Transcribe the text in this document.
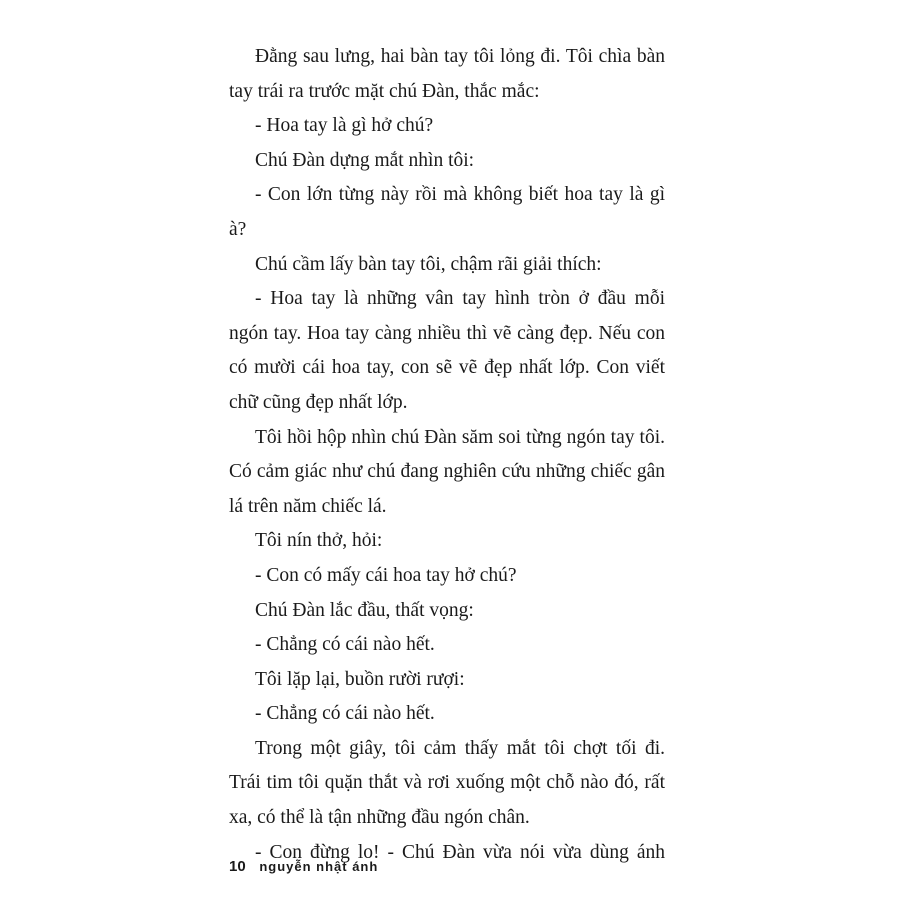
Đằng sau lưng, hai bàn tay tôi lỏng đi. Tôi chìa bàn tay trái ra trước mặt chú Đàn, thắc mắc:

- Hoa tay là gì hở chú?

Chú Đàn dựng mắt nhìn tôi:

- Con lớn từng này rồi mà không biết hoa tay là gì à?

Chú cầm lấy bàn tay tôi, chậm rãi giải thích:

- Hoa tay là những vân tay hình tròn ở đầu mỗi ngón tay. Hoa tay càng nhiều thì vẽ càng đẹp. Nếu con có mười cái hoa tay, con sẽ vẽ đẹp nhất lớp. Con viết chữ cũng đẹp nhất lớp.

Tôi hồi hộp nhìn chú Đàn săm soi từng ngón tay tôi. Có cảm giác như chú đang nghiên cứu những chiếc gân lá trên năm chiếc lá.

Tôi nín thở, hỏi:

- Con có mấy cái hoa tay hở chú?

Chú Đàn lắc đầu, thất vọng:

- Chẳng có cái nào hết.

Tôi lặp lại, buồn rười rượi:

- Chẳng có cái nào hết.

Trong một giây, tôi cảm thấy mắt tôi chợt tối đi. Trái tim tôi quặn thắt và rơi xuống một chỗ nào đó, rất xa, có thể là tận những đầu ngón chân.

- Con đừng lo! - Chú Đàn vừa nói vừa dùng ánh

10 nguyễn nhật ánh
